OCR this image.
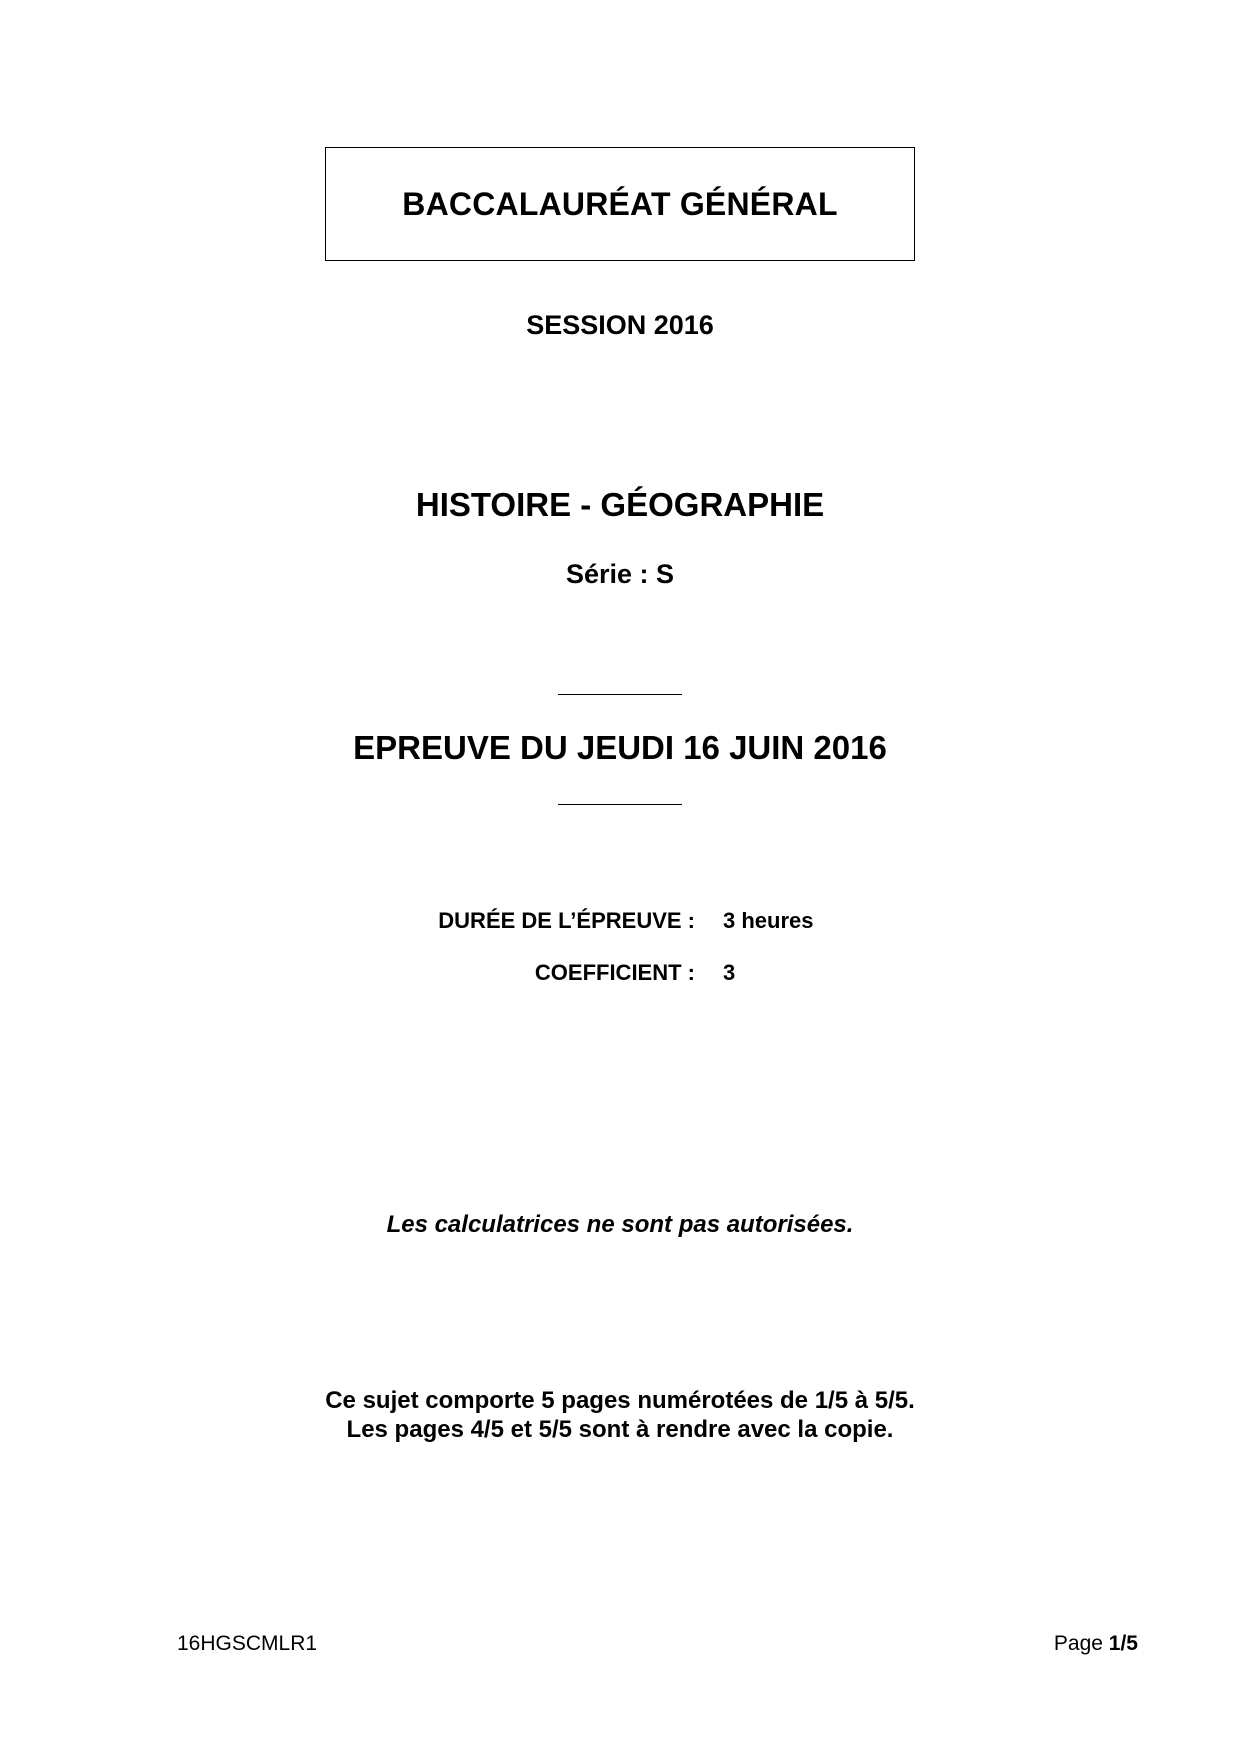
BACCALAURÉAT GÉNÉRAL
SESSION 2016
HISTOIRE - GÉOGRAPHIE
Série : S
EPREUVE DU JEUDI 16 JUIN 2016
DURÉE DE L’ÉPREUVE : 3 heures
COEFFICIENT : 3
Les calculatrices ne sont pas autorisées.
Ce sujet comporte 5 pages numérotées de 1/5 à 5/5.
Les pages 4/5 et 5/5 sont à rendre avec la copie.
16HGSCMLR1	Page 1/5
